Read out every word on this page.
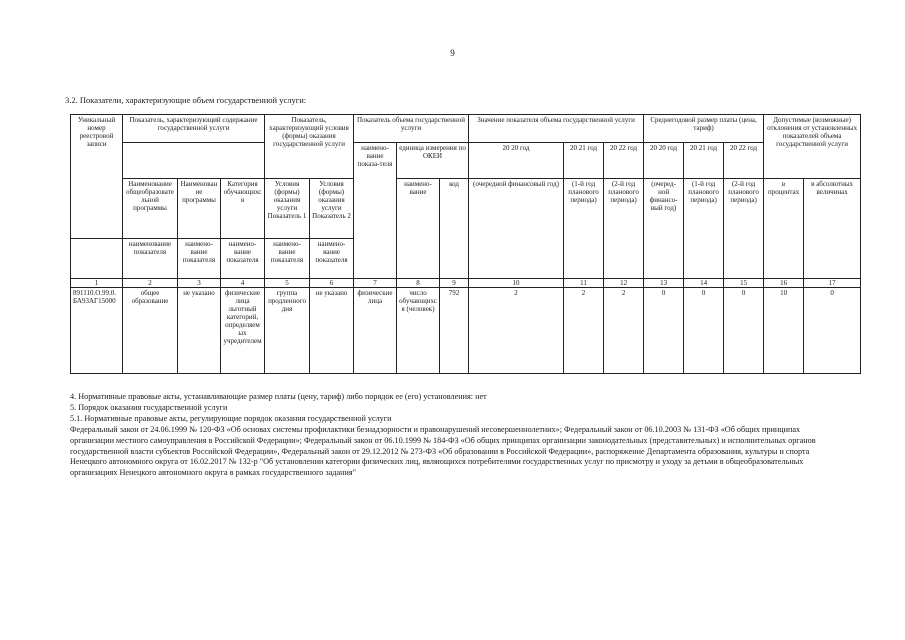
9
3.2. Показатели, характеризующие объем государственной услуги:
Уникальный номер реестровой записи	Показатель, характеризующий содержание государственной услуги			Показатель, характеризующий условия (формы) оказания государственной услуги		Показатель объема государственной услуги			Значение показателя объема государственной услуги			Среднегодовой размер платы (цена, тариф)			Допустимые (возможные) отклонения от установленных показателей объема государственной услуги	
						наимено-вание показа-теля	единица измерения по ОКЕИ		20 20 год	20 21 год	20 22 год	20 20 год	20 21 год	20 22 год		

	Наименование общеобразовательной программы	Наименование программы	Категория обучающихся	Условия (формы) оказания услуги Показатель 1	Условия (формы) оказания услуги Показатель 2		наимено-вание	код	(очередной финансовый год)	(1-й год планового периода)	(2-й год планового периода)	(очеред-ной финансо-вый год)	(1-й год планового периода)	(2-й год планового периода)	в процентах	в абсолютных величинах
	наименование показателя	наимено-вание показателя	наимено-вание показателя	наимено-вание показателя	наимено-вание показателя											
1	2	3	4	5	6	7	8	9	10	11	12	13	14	15	16	17
891110.О.99.0.БА93АГ15000	общее образование	не указано	физические лица льготный категорий, определяемых учредителем	группа продленного дня	не указано	физические лица	число обучающихся (человек)	792	2	2	2	0	0	0	10	0

4. Нормативные правовые акты, устанавливающие размер платы (цену, тариф) либо порядок ее (его) установления: нет

5. Порядок оказания государственной услуги

5.1. Нормативные правовые акты, регулирующие порядок оказания государственной услуги

Федеральный закон от 24.06.1999 № 120-ФЗ «Об основах системы профилактики безнадзорности и правонарушений несовершеннолетних»; Федеральный закон от 06.10.2003 № 131-ФЗ «Об общих принципах организации местного самоуправления в Российской Федерации»; Федеральный закон от 06.10.1999 № 184-ФЗ «Об общих принципах организации законодательных (представительных) и исполнительных органов государственной власти субъектов Российской Федерации», Федеральный закон от 29.12.2012 № 273-ФЗ «Об образовании в Российской Федерации», распоряжение Департамента образования, культуры и спорта Ненецкого автономного округа от 16.02.2017 № 132-р "Об установлении категории физических лиц, являющихся потребителями государственных услуг по присмотру и уходу за детьми в общеобразовательных организациях Ненецкого автономного округа в рамках государственного задания"
